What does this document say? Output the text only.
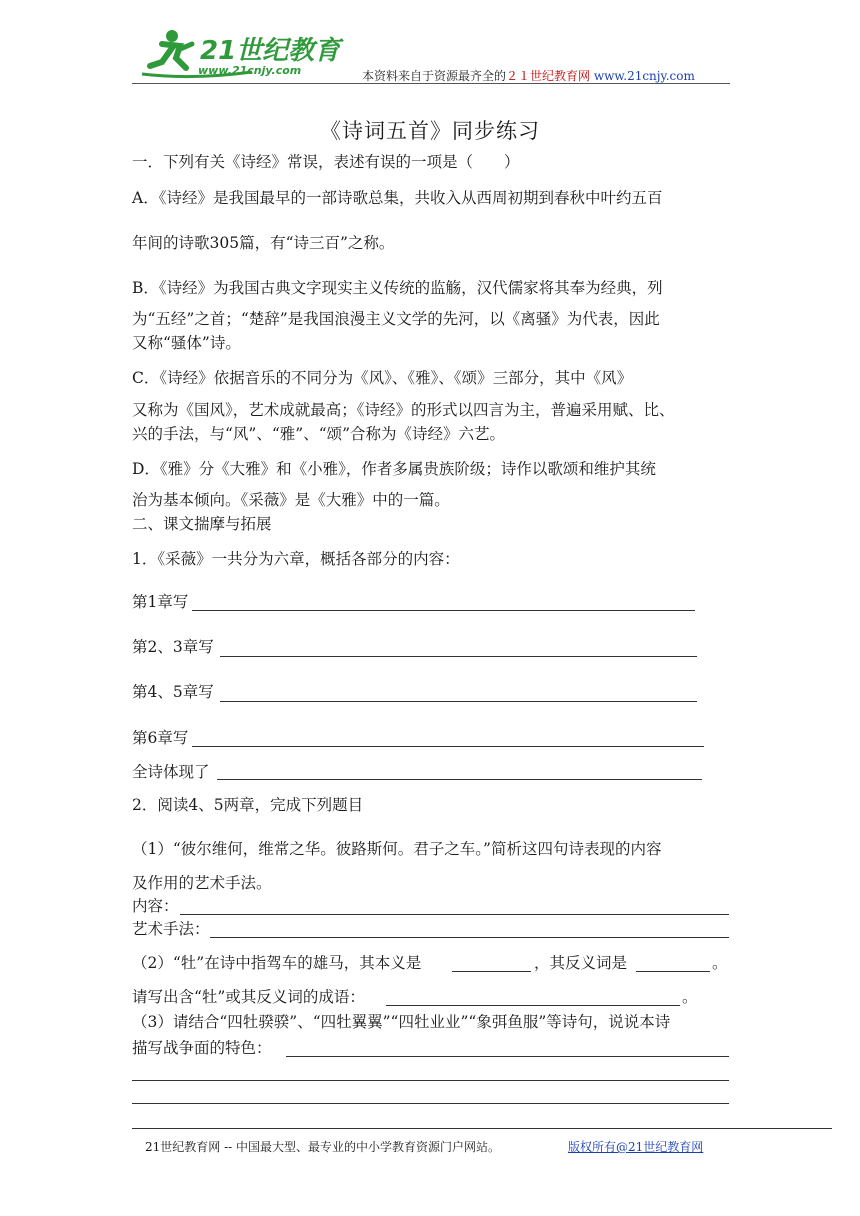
21世纪教育
www.21cnjy.com	本资料来自于资源最齐全的２１世纪教育网 www.21cnjy.com
《诗词五首》同步练习
一．下列有关《诗经》常误，表述有误的一项是（　　）
A．《诗经》是我国最早的一部诗歌总集，共收入从西周初期到春秋中叶约五百
年间的诗歌305篇，有“诗三百”之称。
B．《诗经》为我国古典文字现实主义传统的监觞，汉代儒家将其奉为经典，列
为“五经”之首；“楚辞”是我国浪漫主义文学的先河，以《离骚》为代表，因此
又称“骚体”诗。
C．《诗经》依据音乐的不同分为《风》、《雅》、《颂》三部分，其中《风》
又称为《国风》，艺术成就最高；《诗经》的形式以四言为主，普遍采用赋、比、
兴的手法，与“风”、“雅”、“颂”合称为《诗经》六艺。
D．《雅》分《大雅》和《小雅》，作者多属贵族阶级；诗作以歌颂和维护其统
治为基本倾向。《采薇》是《大雅》中的一篇。
二、课文揣摩与拓展
1．《采薇》一共分为六章，概括各部分的内容：
第1章写
第2、3章写
第4、5章写
第6章写
全诗体现了
2．阅读4、5两章，完成下列题目
（1）“彼尔维何，维常之华。彼路斯何。君子之车。”简析这四句诗表现的内容
及作用的艺术手法。
内容：
艺术手法：
（2）“牡”在诗中指驾车的雄马，其本义是	，其反义词是	。
请写出含“牡”或其反义词的成语：	。
（3）请结合“四牡骙骙”、“四牡翼翼”“四牡业业”“象弭鱼服”等诗句，说说本诗
描写战争面的特色：
21世纪教育网 -- 中国最大型、最专业的中小学教育资源门户网站。	版权所有@21世纪教育网
